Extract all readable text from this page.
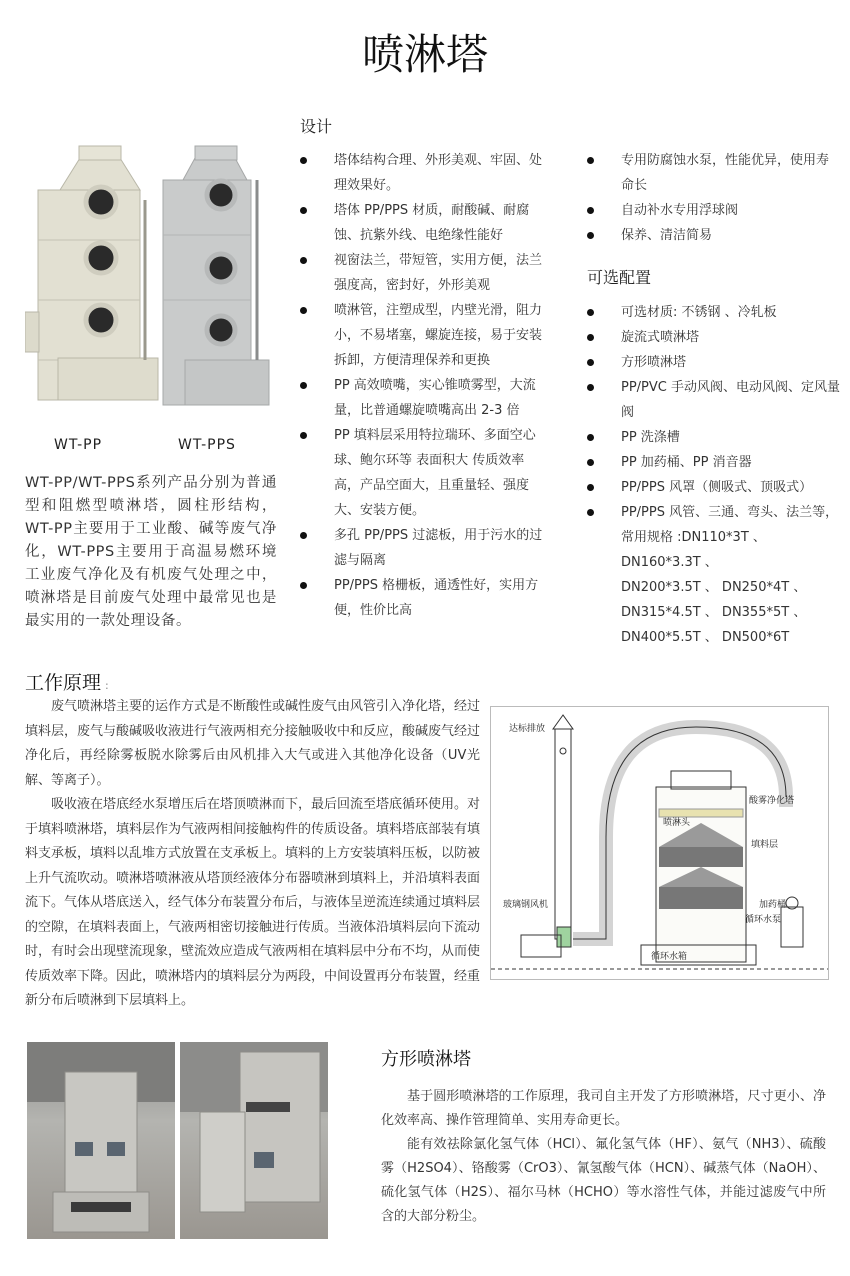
喷淋塔
WT-PP	WT-PPS
WT-PP/WT-PPS系列产品分别为普通型和阻燃型喷淋塔，圆柱形结构，WT-PP主要用于工业酸、碱等废气净化，WT-PPS主要用于高温易燃环境工业废气净化及有机废气处理之中，喷淋塔是目前废气处理中最常见也是最实用的一款处理设备。
设计
塔体结构合理、外形美观、牢固、处理效果好。
塔体 PP/PPS 材质，耐酸碱、耐腐蚀、抗紫外线、电绝缘性能好
视窗法兰，带短管，实用方便，法兰强度高，密封好，外形美观
喷淋管，注塑成型，内壁光滑，阻力小，不易堵塞，螺旋连接，易于安装拆卸，方便清理保养和更换
PP 高效喷嘴，实心锥喷雾型，大流量，比普通螺旋喷嘴高出 2-3 倍
PP 填料层采用特拉瑞环、多面空心球、鲍尔环等 表面积大 传质效率高，产品空面大，且重量轻、强度大、安装方便。
多孔 PP/PPS 过滤板，用于污水的过滤与隔离
PP/PPS 格栅板，通透性好，实用方便，性价比高
专用防腐蚀水泵，性能优异，使用寿命长
自动补水专用浮球阀
保养、清洁简易
可选配置
可选材质: 不锈钢 、冷轧板
旋流式喷淋塔
方形喷淋塔
PP/PVC 手动风阀、电动风阀、定风量阀
PP 洗涤槽
PP 加药桶、PP 消音器
PP/PPS 风罩（侧吸式、顶吸式）
PP/PPS 风管、三通、弯头、法兰等，
常用规格 :DN110*3T 、DN160*3.3T 、
DN200*3.5T 、 DN250*4T 、
DN315*4.5T 、 DN355*5T 、
DN400*5.5T 、 DN500*6T
工作原理 :

废气喷淋塔主要的运作方式是不断酸性或碱性废气由风管引入净化塔，经过填料层，废气与酸碱吸收液进行气液两相充分接触吸收中和反应，酸碱废气经过净化后，再经除雾板脱水除雾后由风机排入大气或进入其他净化设备（UV光解、等离子）。

吸收液在塔底经水泵增压后在塔顶喷淋而下，最后回流至塔底循环使用。对于填料喷淋塔，填料层作为气液两相间接触构件的传质设备。填料塔底部装有填料支承板，填料以乱堆方式放置在支承板上。填料的上方安装填料压板，以防被上升气流吹动。喷淋塔喷淋液从塔顶经液体分布器喷淋到填料上，并沿填料表面流下。气体从塔底送入，经气体分布装置分布后，与液体呈逆流连续通过填料层的空隙，在填料表面上，气液两相密切接触进行传质。当液体沿填料层向下流动时，有时会出现壁流现象，壁流效应造成气液两相在填料层中分布不均，从而使传质效率下降。因此，喷淋塔内的填料层分为两段，中间设置再分布装置，经重新分布后喷淋到下层填料上。

达标排放
酸雾净化塔
喷淋头
填料层
玻璃钢风机	加药桶
循环水泵
循环水箱
方形喷淋塔

基于圆形喷淋塔的工作原理，我司自主开发了方形喷淋塔，尺寸更小、净化效率高、操作管理简单、实用寿命更长。

能有效祛除氯化氢气体（HCl）、氟化氢气体（HF）、氨气（NH3）、硫酸雾（H2SO4）、铬酸雾（CrO3）、氰氢酸气体（HCN）、碱蒸气体（NaOH）、硫化氢气体（H2S）、福尔马林（HCHO）等水溶性气体，并能过滤废气中所含的大部分粉尘。
